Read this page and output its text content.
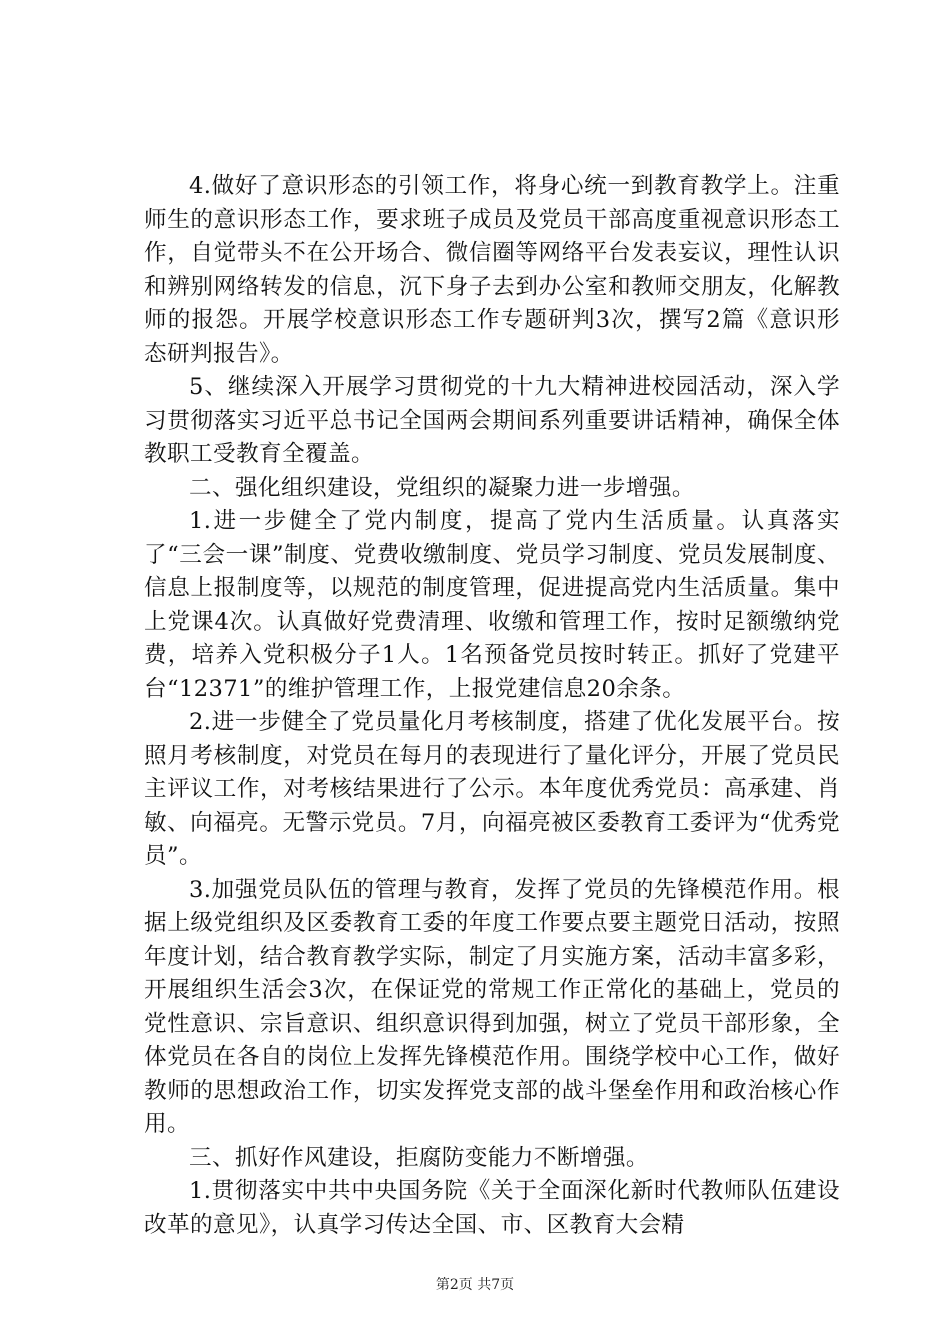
4.做好了意识形态的引领工作，将身心统一到教育教学上。注重师生的意识形态工作，要求班子成员及党员干部高度重视意识形态工作，自觉带头不在公开场合、微信圈等网络平台发表妄议，理性认识和辨别网络转发的信息，沉下身子去到办公室和教师交朋友，化解教师的报怨。开展学校意识形态工作专题研判3次，撰写2篇《意识形态研判报告》。

5、继续深入开展学习贯彻党的十九大精神进校园活动，深入学习贯彻落实习近平总书记全国两会期间系列重要讲话精神，确保全体教职工受教育全覆盖。

二、强化组织建设，党组织的凝聚力进一步增强。

1.进一步健全了党内制度，提高了党内生活质量。认真落实了“三会一课”制度、党费收缴制度、党员学习制度、党员发展制度、信息上报制度等，以规范的制度管理，促进提高党内生活质量。集中上党课4次。认真做好党费清理、收缴和管理工作，按时足额缴纳党费，培养入党积极分子1人。1名预备党员按时转正。抓好了党建平台“12371”的维护管理工作，上报党建信息20余条。

2.进一步健全了党员量化月考核制度，搭建了优化发展平台。按照月考核制度，对党员在每月的表现进行了量化评分，开展了党员民主评议工作，对考核结果进行了公示。本年度优秀党员：高承建、肖敏、向福亮。无警示党员。7月，向福亮被区委教育工委评为“优秀党员”。

3.加强党员队伍的管理与教育，发挥了党员的先锋模范作用。根据上级党组织及区委教育工委的年度工作要点要主题党日活动，按照年度计划，结合教育教学实际，制定了月实施方案，活动丰富多彩，开展组织生活会3次，在保证党的常规工作正常化的基础上，党员的党性意识、宗旨意识、组织意识得到加强，树立了党员干部形象，全体党员在各自的岗位上发挥先锋模范作用。围绕学校中心工作，做好教师的思想政治工作，切实发挥党支部的战斗堡垒作用和政治核心作用。

三、抓好作风建设，拒腐防变能力不断增强。

1.贯彻落实中共中央国务院《关于全面深化新时代教师队伍建设改革的意见》，认真学习传达全国、市、区教育大会精

第2页 共7页
